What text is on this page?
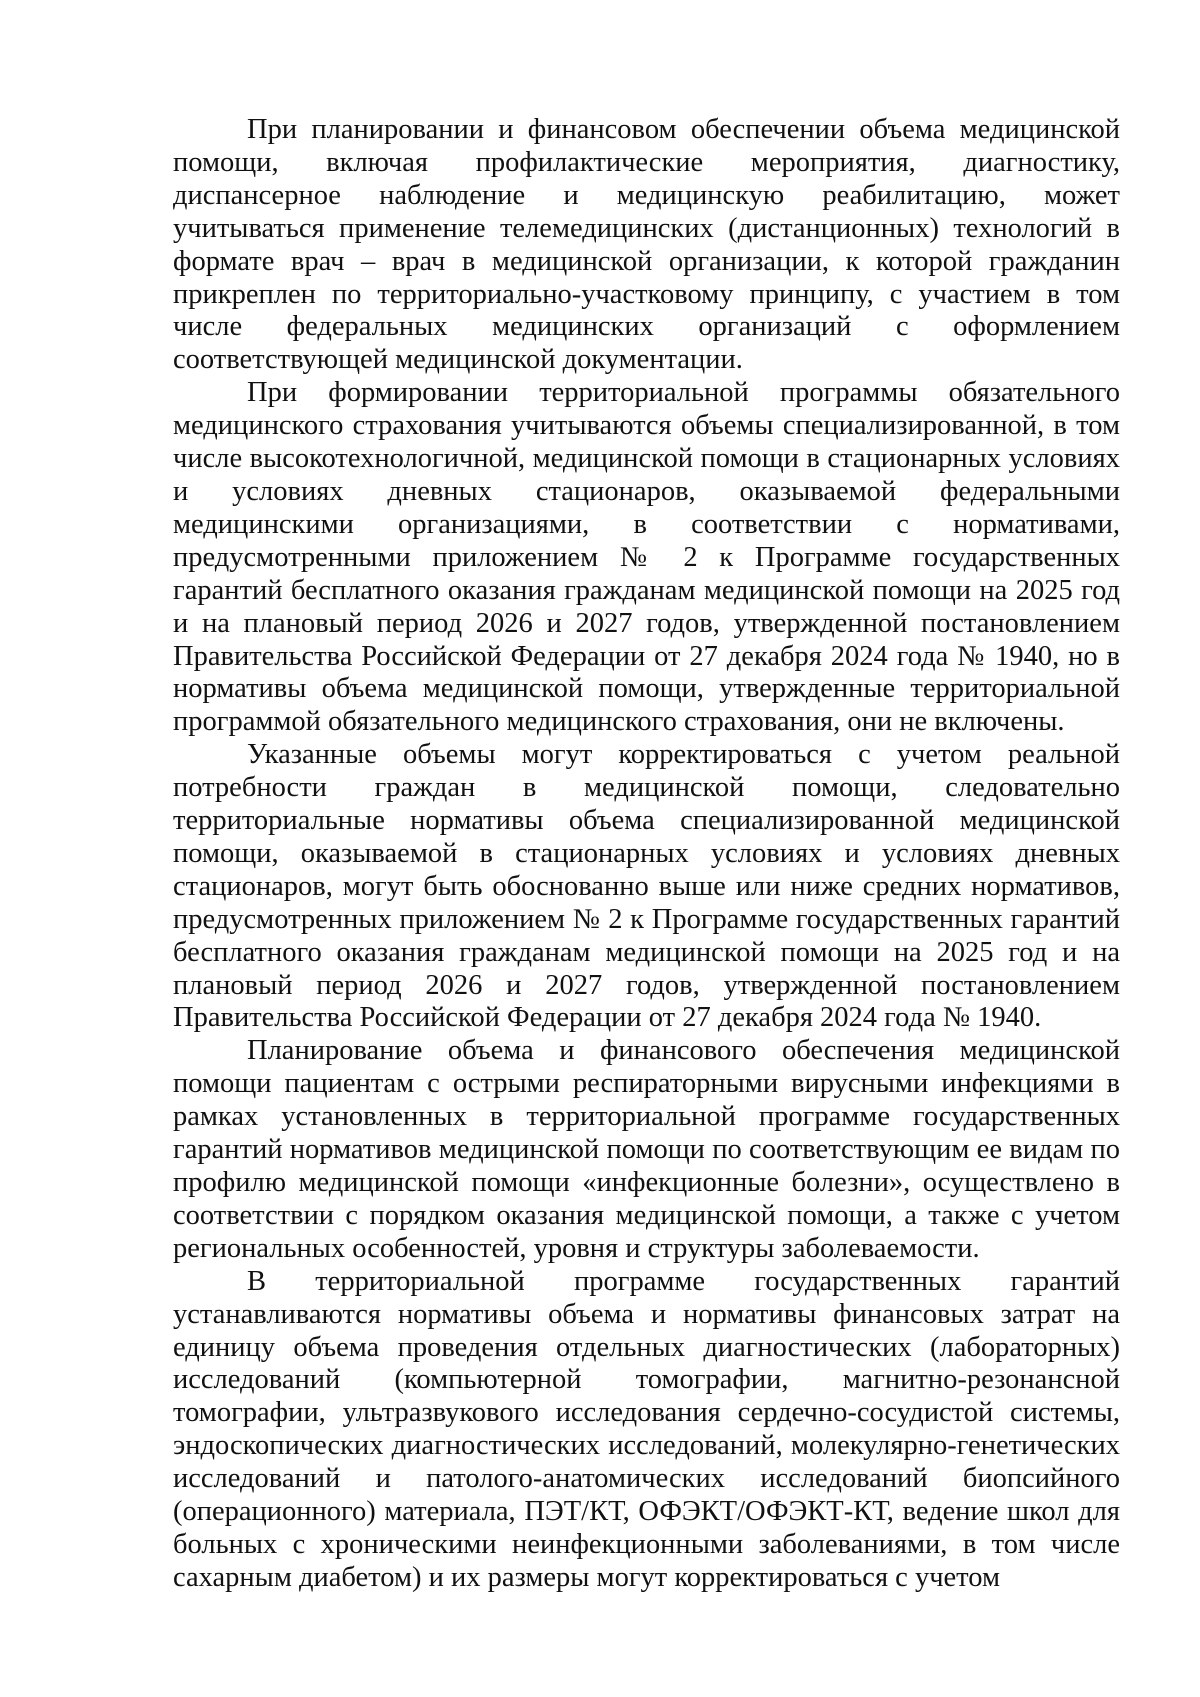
При планировании и финансовом обеспечении объема медицинской помощи, включая профилактические мероприятия, диагностику, диспансерное наблюдение и медицинскую реабилитацию, может учитываться применение телемедицинских (дистанционных) технологий в формате врач – врач в медицинской организации, к которой гражданин прикреплен по территориально-участковому принципу, с участием в том числе федеральных медицинских организаций с оформлением соответствующей медицинской документации.

При формировании территориальной программы обязательного медицинского страхования учитываются объемы специализированной, в том числе высокотехнологичной, медицинской помощи в стационарных условиях и условиях дневных стационаров, оказываемой федеральными медицинскими организациями, в соответствии с нормативами, предусмотренными приложением № 2 к Программе государственных гарантий бесплатного оказания гражданам медицинской помощи на 2025 год и на плановый период 2026 и 2027 годов, утвержденной постановлением Правительства Российской Федерации от 27 декабря 2024 года № 1940, но в нормативы объема медицинской помощи, утвержденные территориальной программой обязательного медицинского страхования, они не включены.

Указанные объемы могут корректироваться с учетом реальной потребности граждан в медицинской помощи, следовательно территориальные нормативы объема специализированной медицинской помощи, оказываемой в стационарных условиях и условиях дневных стационаров, могут быть обоснованно выше или ниже средних нормативов, предусмотренных приложением № 2 к Программе государственных гарантий бесплатного оказания гражданам медицинской помощи на 2025 год и на плановый период 2026 и 2027 годов, утвержденной постановлением Правительства Российской Федерации от 27 декабря 2024 года № 1940.

Планирование объема и финансового обеспечения медицинской помощи пациентам с острыми респираторными вирусными инфекциями в рамках установленных в территориальной программе государственных гарантий нормативов медицинской помощи по соответствующим ее видам по профилю медицинской помощи «инфекционные болезни», осуществлено в соответствии с порядком оказания медицинской помощи, а также с учетом региональных особенностей, уровня и структуры заболеваемости.

В территориальной программе государственных гарантий устанавливаются нормативы объема и нормативы финансовых затрат на единицу объема проведения отдельных диагностических (лабораторных) исследований (компьютерной томографии, магнитно-резонансной томографии, ультразвукового исследования сердечно-сосудистой системы, эндоскопических диагностических исследований, молекулярно-генетических исследований и патолого-анатомических исследований биопсийного (операционного) материала, ПЭТ/КТ, ОФЭКТ/ОФЭКТ-КТ, ведение школ для больных с хроническими неинфекционными заболеваниями, в том числе сахарным диабетом) и их размеры могут корректироваться с учетом
